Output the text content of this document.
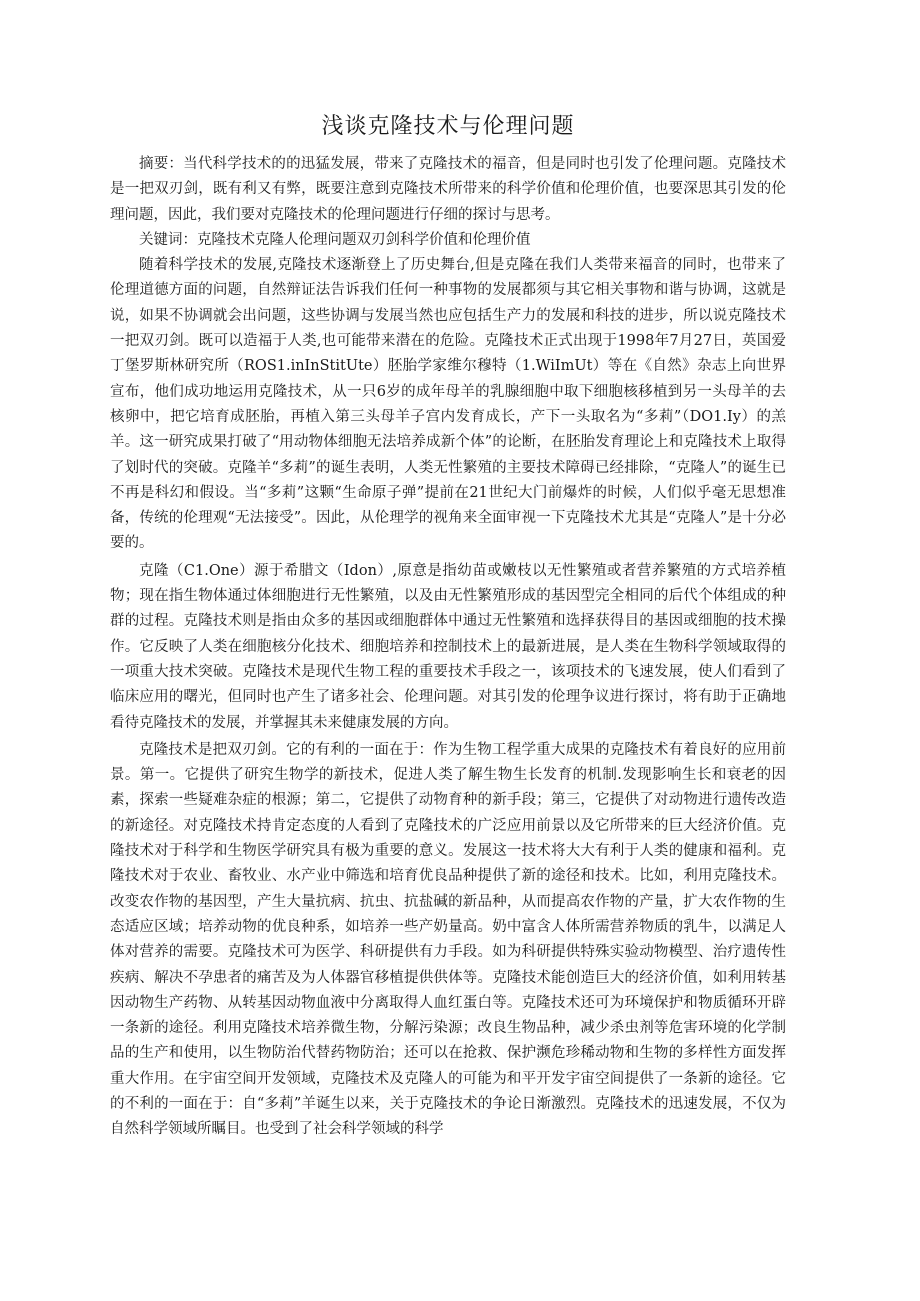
浅谈克隆技术与伦理问题

摘要：当代科学技术的的迅猛发展，带来了克隆技术的福音，但是同时也引发了伦理问题。克隆技术是一把双刃剑，既有利又有弊，既要注意到克隆技术所带来的科学价值和伦理价值，也要深思其引发的伦理问题，因此，我们要对克隆技术的伦理问题进行仔细的探讨与思考。

关键词：克隆技术克隆人伦理问题双刃剑科学价值和伦理价值

随着科学技术的发展,克隆技术逐渐登上了历史舞台,但是克隆在我们人类带来福音的同时，也带来了伦理道德方面的问题，自然辩证法告诉我们任何一种事物的发展都须与其它相关事物和谐与协调，这就是说，如果不协调就会出问题，这些协调与发展当然也应包括生产力的发展和科技的进步，所以说克隆技术一把双刃剑。既可以造福于人类,也可能带来潜在的危险。克隆技术正式出现于1998年7月27日，英国爱丁堡罗斯林研究所（ROS1.inInStitUte）胚胎学家维尔穆特（1.WiImUt）等在《自然》杂志上向世界宣布，他们成功地运用克隆技术，从一只6岁的成年母羊的乳腺细胞中取下细胞核移植到另一头母羊的去核卵中，把它培育成胚胎，再植入第三头母羊子宫内发育成长，产下一头取名为“多莉”（DO1.Iy）的羔羊。这一研究成果打破了“用动物体细胞无法培养成新个体”的论断，在胚胎发育理论上和克隆技术上取得了划时代的突破。克隆羊“多莉”的诞生表明，人类无性繁殖的主要技术障碍已经排除，“克隆人”的诞生已不再是科幻和假设。当“多莉”这颗“生命原子弹”提前在21世纪大门前爆炸的时候，人们似乎毫无思想准备，传统的伦理观“无法接受”。因此，从伦理学的视角来全面审视一下克隆技术尤其是“克隆人”是十分必要的。

克隆（C1.One）源于希腊文（Idon）,原意是指幼苗或嫩枝以无性繁殖或者营养繁殖的方式培养植物；现在指生物体通过体细胞进行无性繁殖，以及由无性繁殖形成的基因型完全相同的后代个体组成的种群的过程。克隆技术则是指由众多的基因或细胞群体中通过无性繁殖和选择获得目的基因或细胞的技术操作。它反映了人类在细胞核分化技术、细胞培养和控制技术上的最新进展，是人类在生物科学领域取得的一项重大技术突破。克隆技术是现代生物工程的重要技术手段之一，该项技术的飞速发展，使人们看到了临床应用的曙光，但同时也产生了诸多社会、伦理问题。对其引发的伦理争议进行探讨，将有助于正确地看待克隆技术的发展，并掌握其未来健康发展的方向。

克隆技术是把双刃剑。它的有利的一面在于：作为生物工程学重大成果的克隆技术有着良好的应用前景。第一。它提供了研究生物学的新技术，促进人类了解生物生长发育的机制.发现影响生长和衰老的因素，探索一些疑难杂症的根源；第二，它提供了动物育种的新手段；第三，它提供了对动物进行遗传改造的新途径。对克隆技术持肯定态度的人看到了克隆技术的广泛应用前景以及它所带来的巨大经济价值。克隆技术对于科学和生物医学研究具有极为重要的意义。发展这一技术将大大有利于人类的健康和福利。克隆技术对于农业、畜牧业、水产业中筛选和培育优良品种提供了新的途径和技术。比如，利用克隆技术。改变农作物的基因型，产生大量抗病、抗虫、抗盐碱的新品种，从而提高农作物的产量，扩大农作物的生态适应区域；培养动物的优良种系，如培养一些产奶量高。奶中富含人体所需营养物质的乳牛，以满足人体对营养的需要。克隆技术可为医学、科研提供有力手段。如为科研提供特殊实验动物模型、治疗遗传性疾病、解决不孕患者的痛苦及为人体器官移植提供供体等。克隆技术能创造巨大的经济价值，如利用转基因动物生产药物、从转基因动物血液中分离取得人血红蛋白等。克隆技术还可为环境保护和物质循环开辟一条新的途径。利用克隆技术培养微生物，分解污染源；改良生物品种，减少杀虫剂等危害环境的化学制品的生产和使用，以生物防治代替药物防治；还可以在抢救、保护濒危珍稀动物和生物的多样性方面发挥重大作用。在宇宙空间开发领域，克隆技术及克隆人的可能为和平开发宇宙空间提供了一条新的途径。它的不利的一面在于：自“多莉”羊诞生以来，关于克隆技术的争论日渐激烈。克隆技术的迅速发展，不仅为自然科学领域所瞩目。也受到了社会科学领域的科学
